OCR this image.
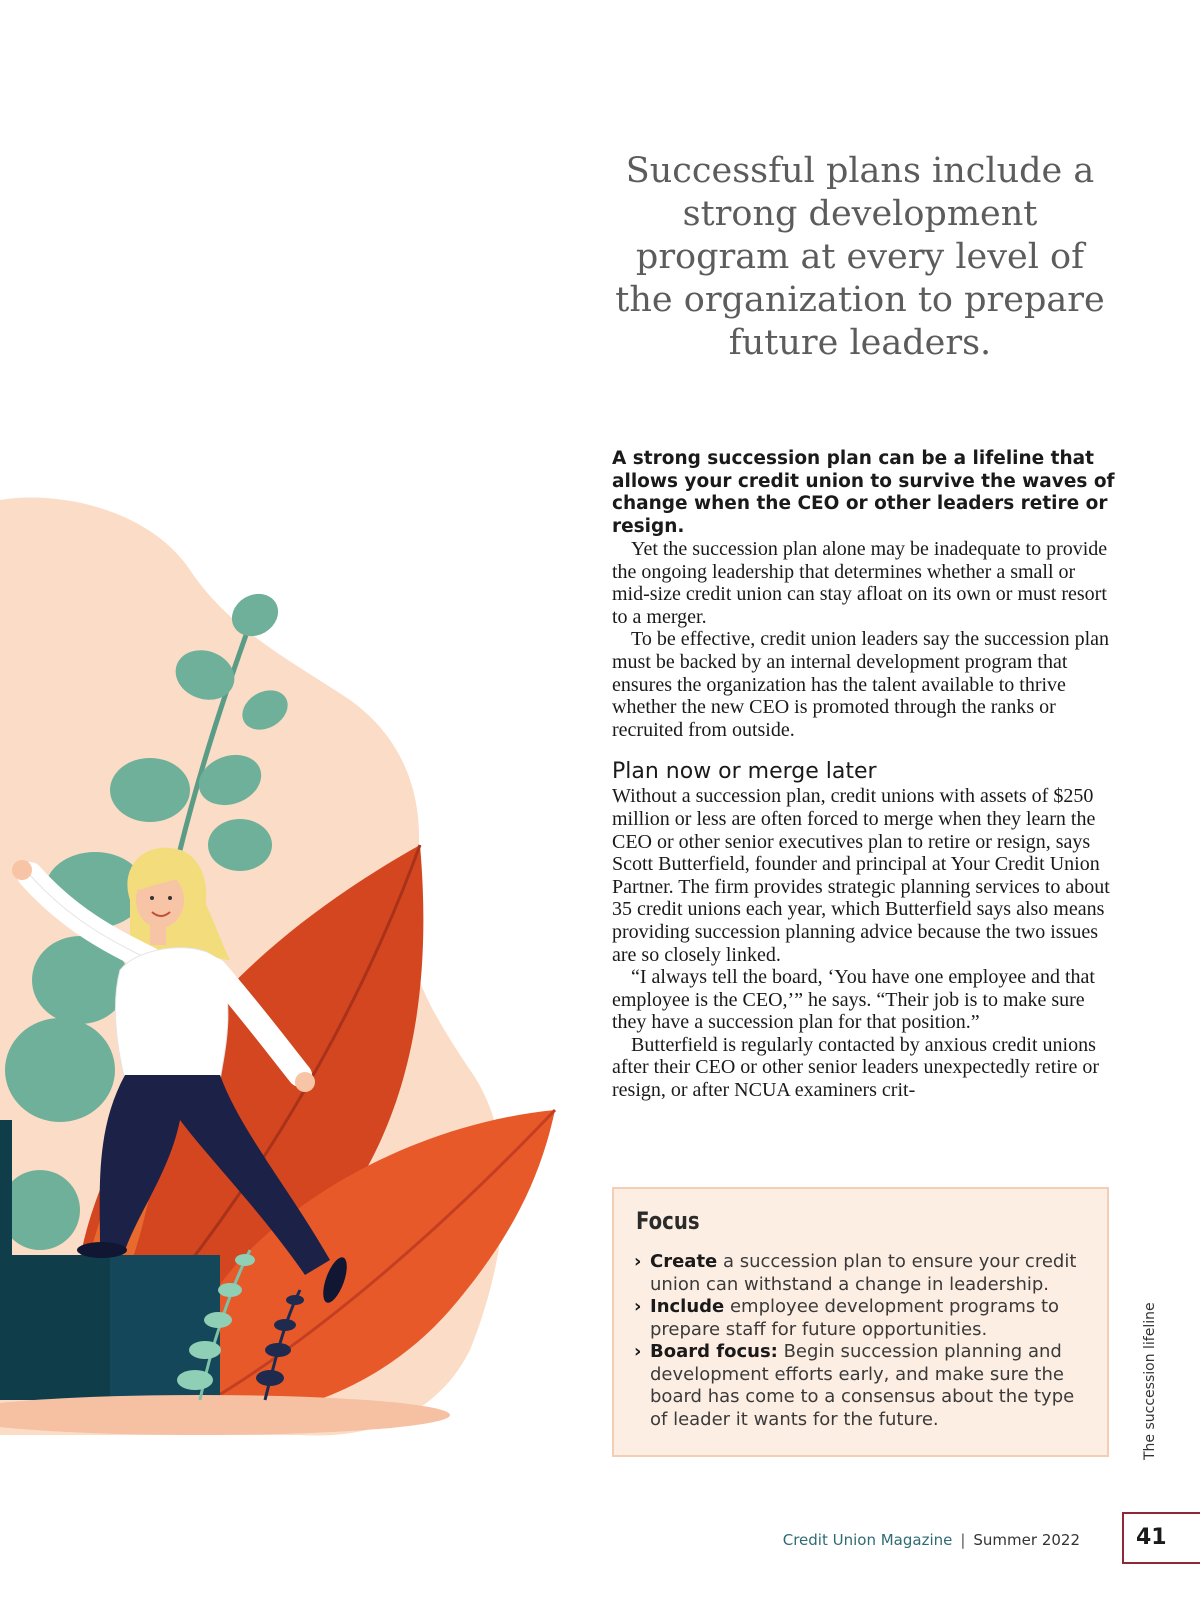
Successful plans include a strong development program at every level of the organization to prepare future leaders.

A strong succession plan can be a lifeline that allows your credit union to survive the waves of change when the CEO or other leaders retire or resign.

Yet the succession plan alone may be inadequate to provide the ongoing leadership that determines whether a small or mid-size credit union can stay afloat on its own or must resort to a merger.

To be effective, credit union leaders say the succession plan must be backed by an internal development program that ensures the organization has the talent available to thrive whether the new CEO is promoted through the ranks or recruited from outside.

Plan now or merge later

Without a succession plan, credit unions with assets of $250 million or less are often forced to merge when they learn the CEO or other senior executives plan to retire or resign, says Scott Butterfield, founder and principal at Your Credit Union Partner. The firm provides strategic planning services to about 35 credit unions each year, which Butterfield says also means providing succession planning advice because the two issues are so closely linked.

“I always tell the board, ‘You have one employee and that employee is the CEO,’” he says. “Their job is to make sure they have a succession plan for that position.”

Butterfield is regularly contacted by anxious credit unions after their CEO or other senior leaders unexpectedly retire or resign, or after NCUA examiners crit-

Focus
› Create a succession plan to ensure your credit union can withstand a change in leadership.
› Include employee development programs to prepare staff for future opportunities.
› Board focus: Begin succession planning and development efforts early, and make sure the board has come to a consensus about the type of leader it wants for the future.	The succession lifeline
Credit Union Magazine | Summer 2022	41
